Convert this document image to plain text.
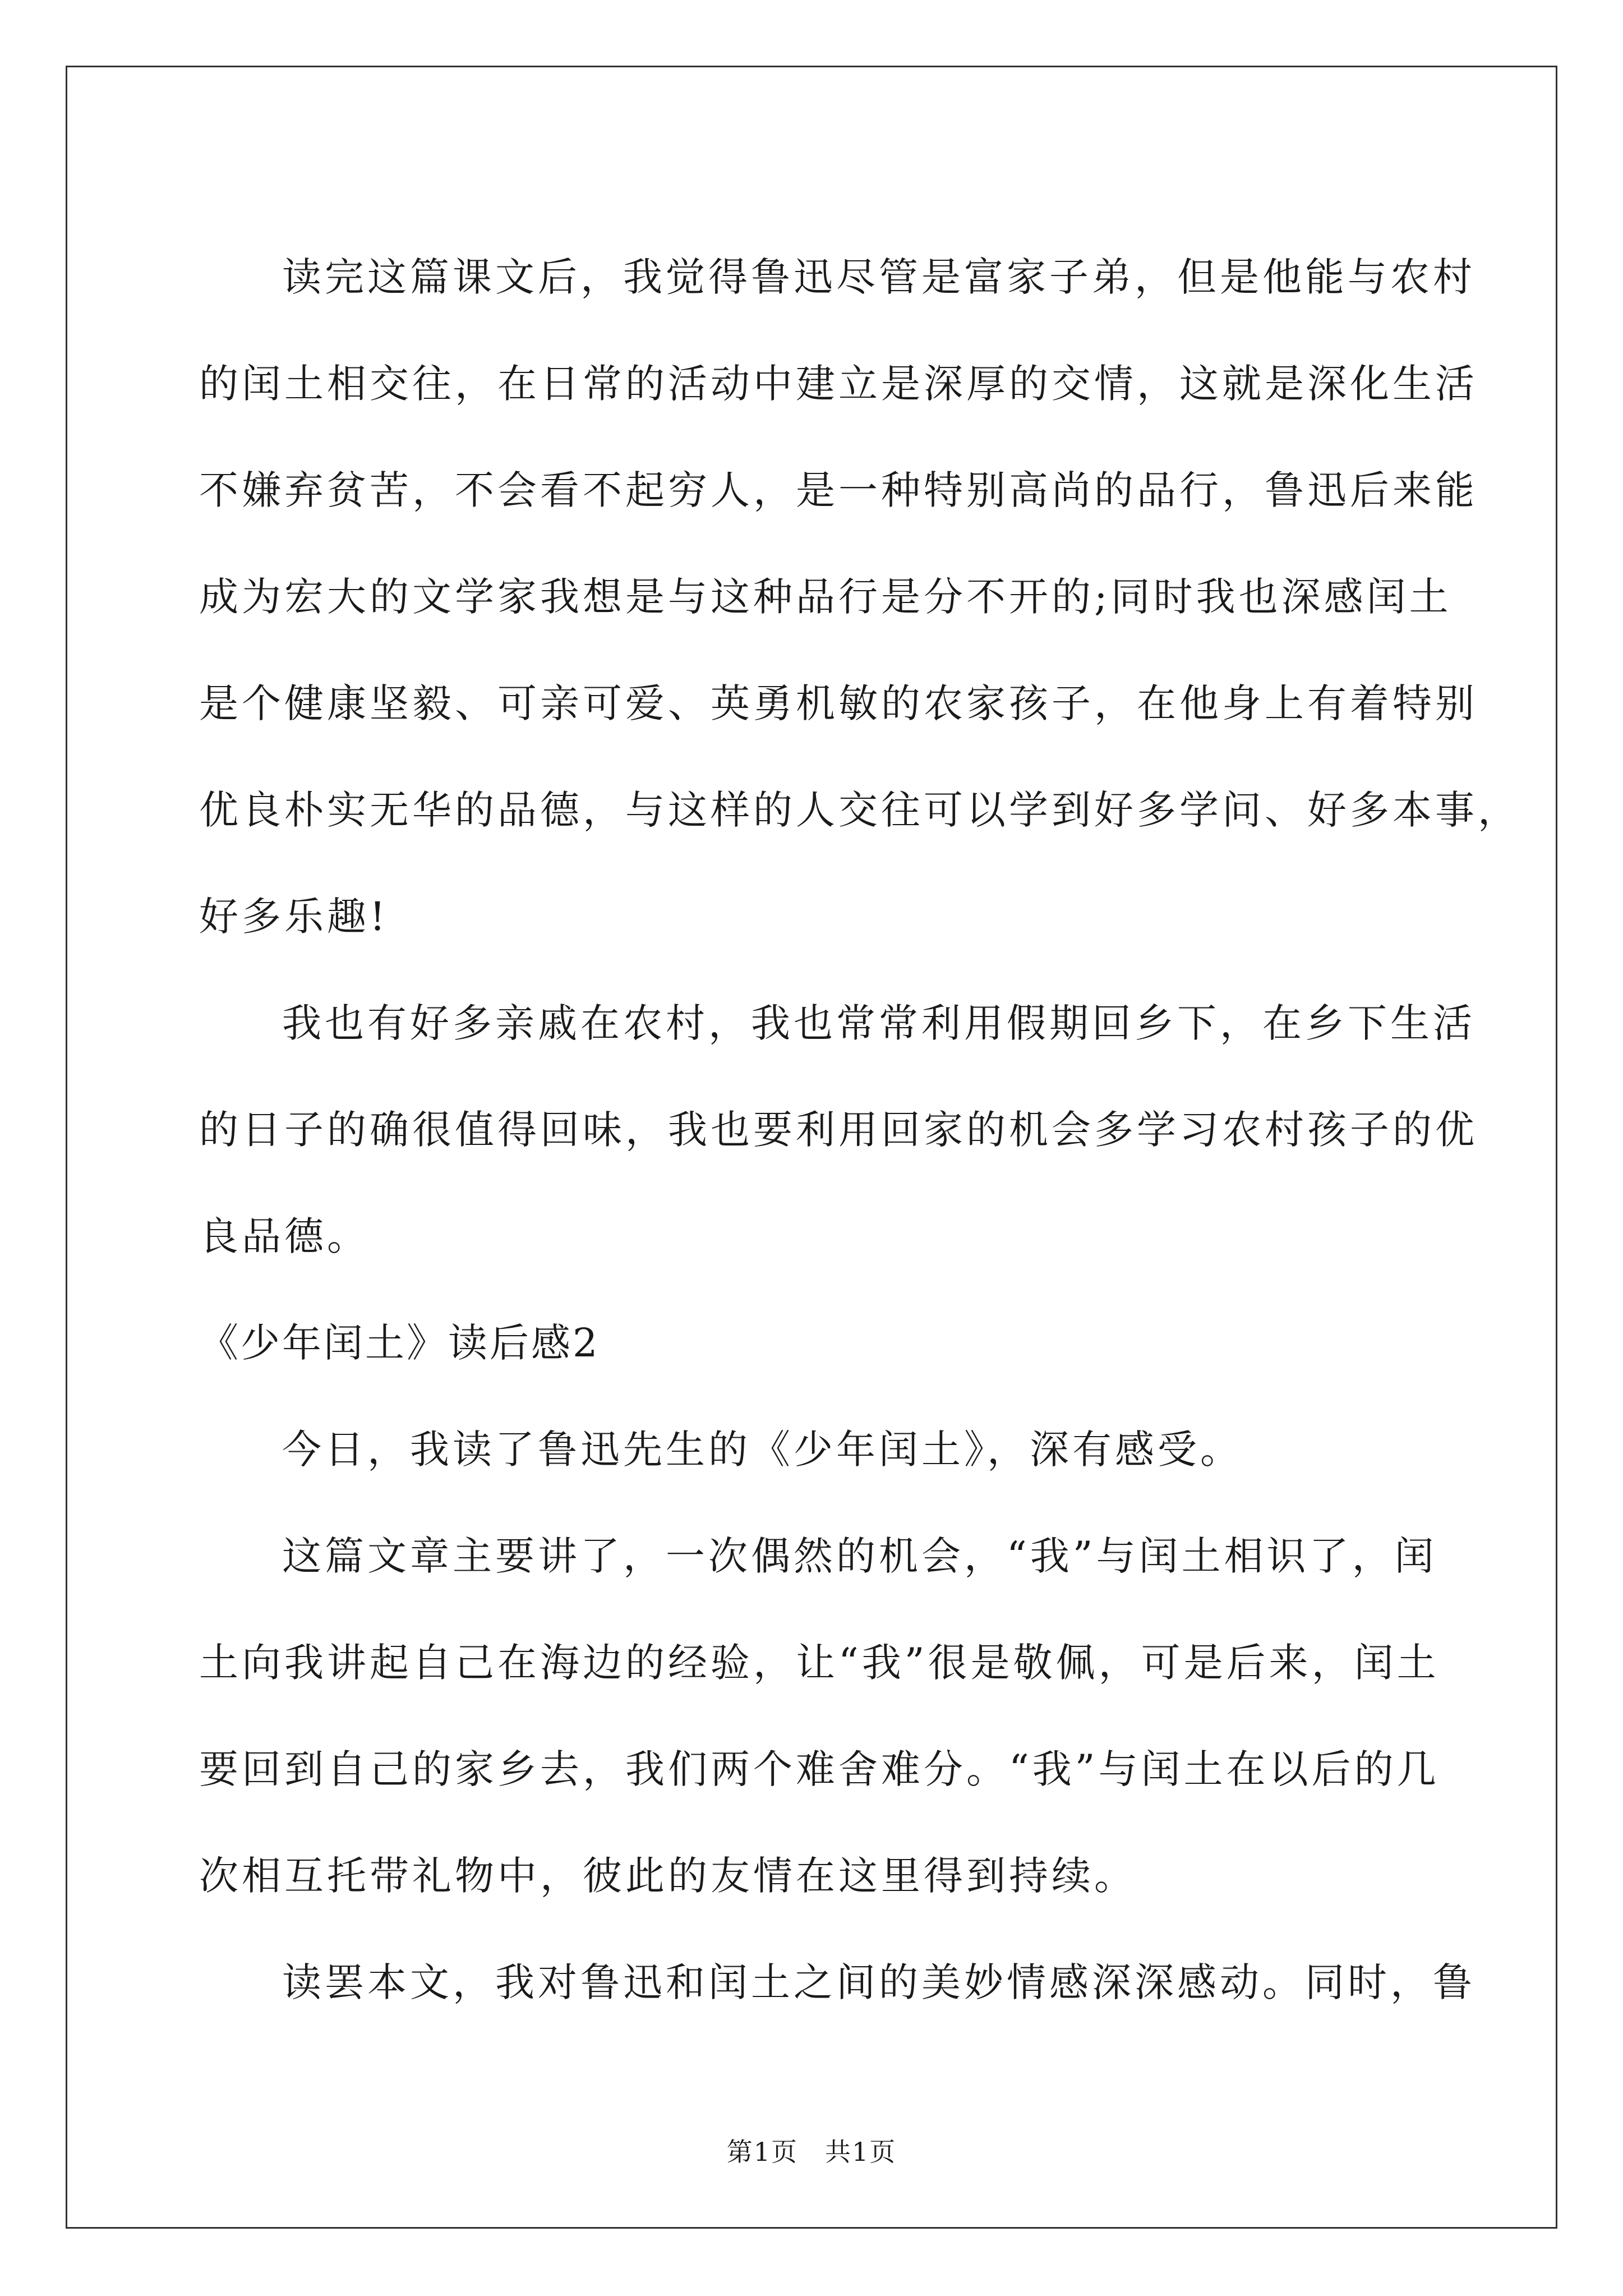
读完这篇课文后，我觉得鲁迅尽管是富家子弟，但是他能与农村
的闰土相交往，在日常的活动中建立是深厚的交情，这就是深化生活
不嫌弃贫苦，不会看不起穷人，是一种特别高尚的品行，鲁迅后来能
成为宏大的文学家我想是与这种品行是分不开的;同时我也深感闰土
是个健康坚毅、可亲可爱、英勇机敏的农家孩子，在他身上有着特别
优良朴实无华的品德，与这样的人交往可以学到好多学问、好多本事，
好多乐趣!
我也有好多亲戚在农村，我也常常利用假期回乡下，在乡下生活
的日子的确很值得回味，我也要利用回家的机会多学习农村孩子的优
良品德。
《少年闰土》读后感2
今日，我读了鲁迅先生的《少年闰土》，深有感受。
这篇文章主要讲了，一次偶然的机会，“我”与闰土相识了，闰
土向我讲起自己在海边的经验，让“我”很是敬佩，可是后来，闰土
要回到自己的家乡去，我们两个难舍难分。“我”与闰土在以后的几
次相互托带礼物中，彼此的友情在这里得到持续。
读罢本文，我对鲁迅和闰土之间的美妙情感深深感动。同时，鲁
第1页　共1页
